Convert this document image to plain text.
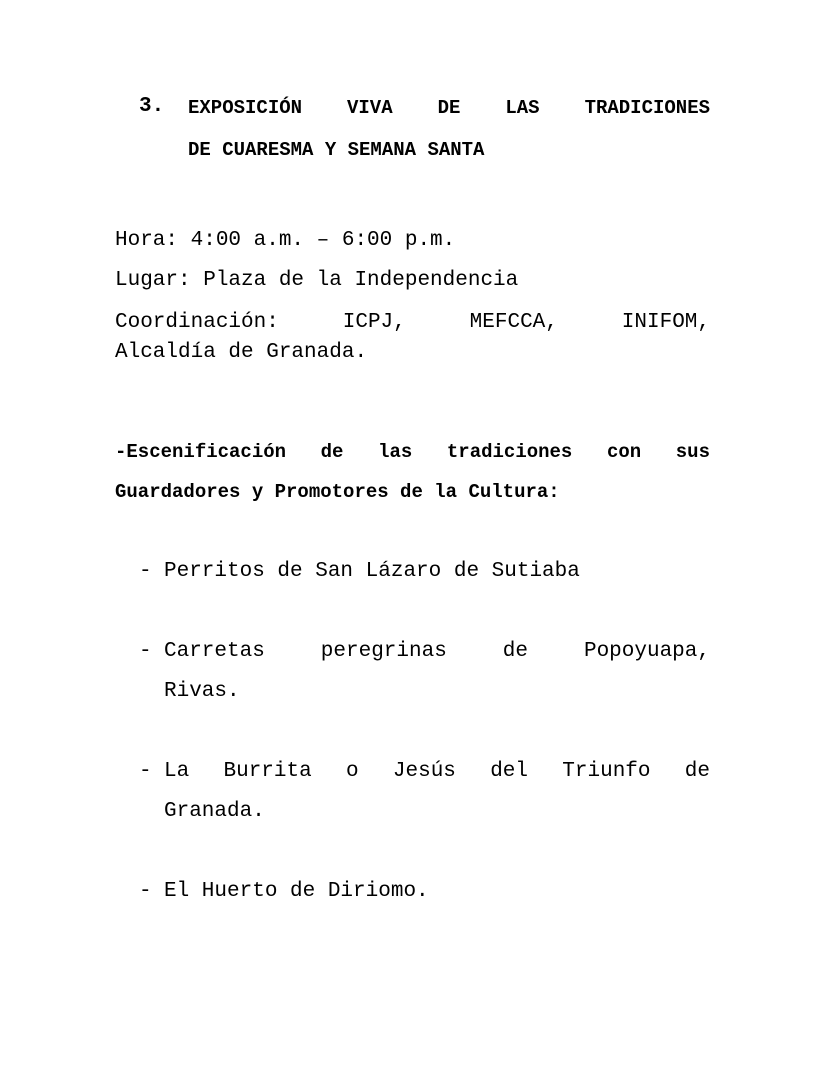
3. EXPOSICIÓN VIVA DE LAS TRADICIONES
DE CUARESMA Y SEMANA SANTA
Hora: 4:00 a.m. – 6:00 p.m.
Lugar: Plaza de la Independencia
Coordinación: ICPJ, MEFCCA, INIFOM,
Alcaldía de Granada.
-Escenificación de las tradiciones con sus
Guardadores y Promotores de la Cultura:
- Perritos de San Lázaro de Sutiaba
- Carretas peregrinas de Popoyuapa,
Rivas.
- La Burrita o Jesús del Triunfo de
Granada.
- El Huerto de Diriomo.
